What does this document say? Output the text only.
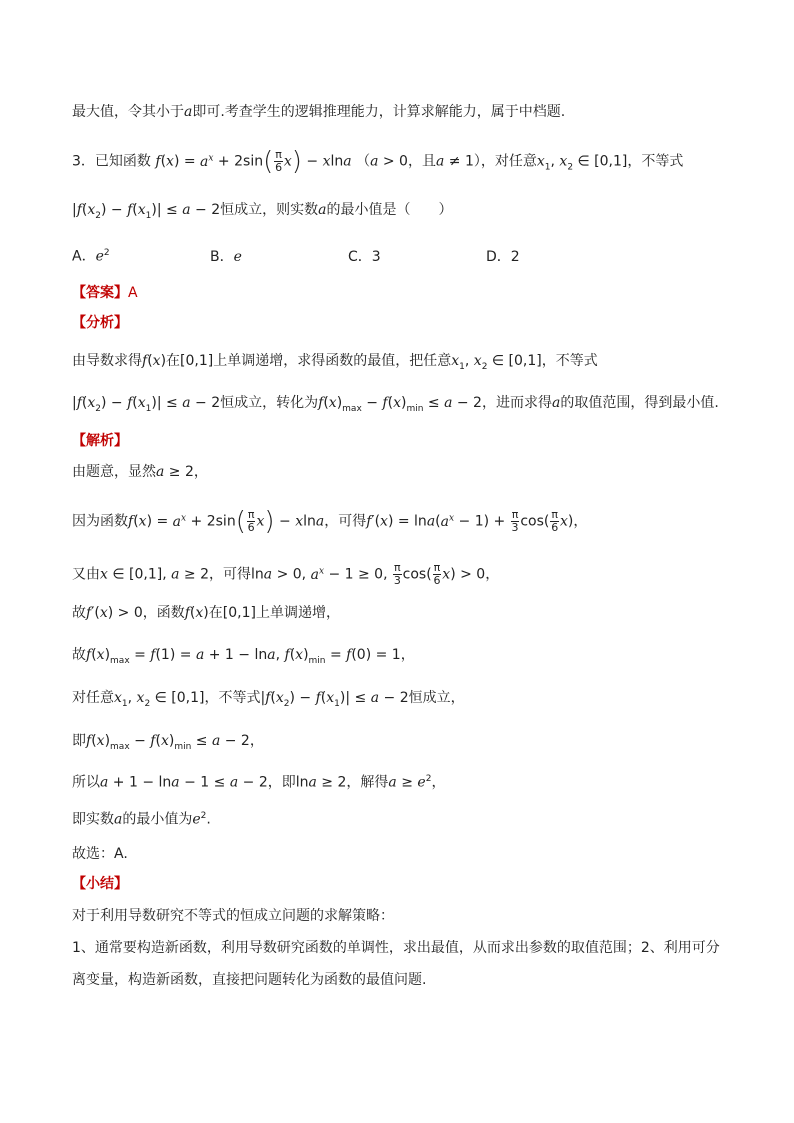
最大值，令其小于a即可.考查学生的逻辑推理能力，计算求解能力，属于中档题.
3．已知函数 $f(x) = a^x + 2\sin( \frac{\pi}{6} x) - xlna$ （a > 0，且a ≠ 1），对任意$x_1$, $x_2$ ∈ [0,1]，不等式
$|f(x_2) - f(x_1)| \le a - 2$恒成立，则实数a的最小值是（　　）
A．$e^2$	B．e	C．3	D．2
【答案】A
【分析】
由导数求得f(x)在[0,1]上单调递增，求得函数的最值，把任意$x_1$, $x_2$ ∈ [0,1]，不等式
$|f(x_2) - f(x_1)| \le a - 2$恒成立，转化为$f(x)_{max} - f(x)_{min} \le a - 2$，进而求得a的取值范围，得到最小值.
【解析】
由题意，显然a ≥ 2，
因为函数$f(x) = a^x + 2\sin( \frac{\pi}{6} x) - xlna$，可得$f'(x) = \ln a(a^x - 1) + \frac{\pi}{3} \cos( \frac{\pi}{6} x)$，
又由x ∈ [0,1], a ≥ 2，可得lna > 0, $a^x - 1 \ge 0$, $\frac{\pi}{3} \cos( \frac{\pi}{6} x) > 0$，
故f′(x) > 0，函数f(x)在[0,1]上单调递增，
故$f(x)_{max} = f(1) = a + 1 - \ln a$, $f(x)_{min} = f(0) = 1$，
对任意$x_1$, $x_2$ ∈ [0,1]，不等式$|f(x_2) - f(x_1)| \le a - 2$恒成立，
即$f(x)_{max} - f(x)_{min} \le a - 2$，
所以a + 1 − lna − 1 ≤ a − 2，即lna ≥ 2，解得$a \ge e^2$，
即实数a的最小值为$e^2$.
故选：A.
【小结】
对于利用导数研究不等式的恒成立问题的求解策略：
1、通常要构造新函数，利用导数研究函数的单调性，求出最值，从而求出参数的取值范围；2、利用可分
离变量，构造新函数，直接把问题转化为函数的最值问题.
